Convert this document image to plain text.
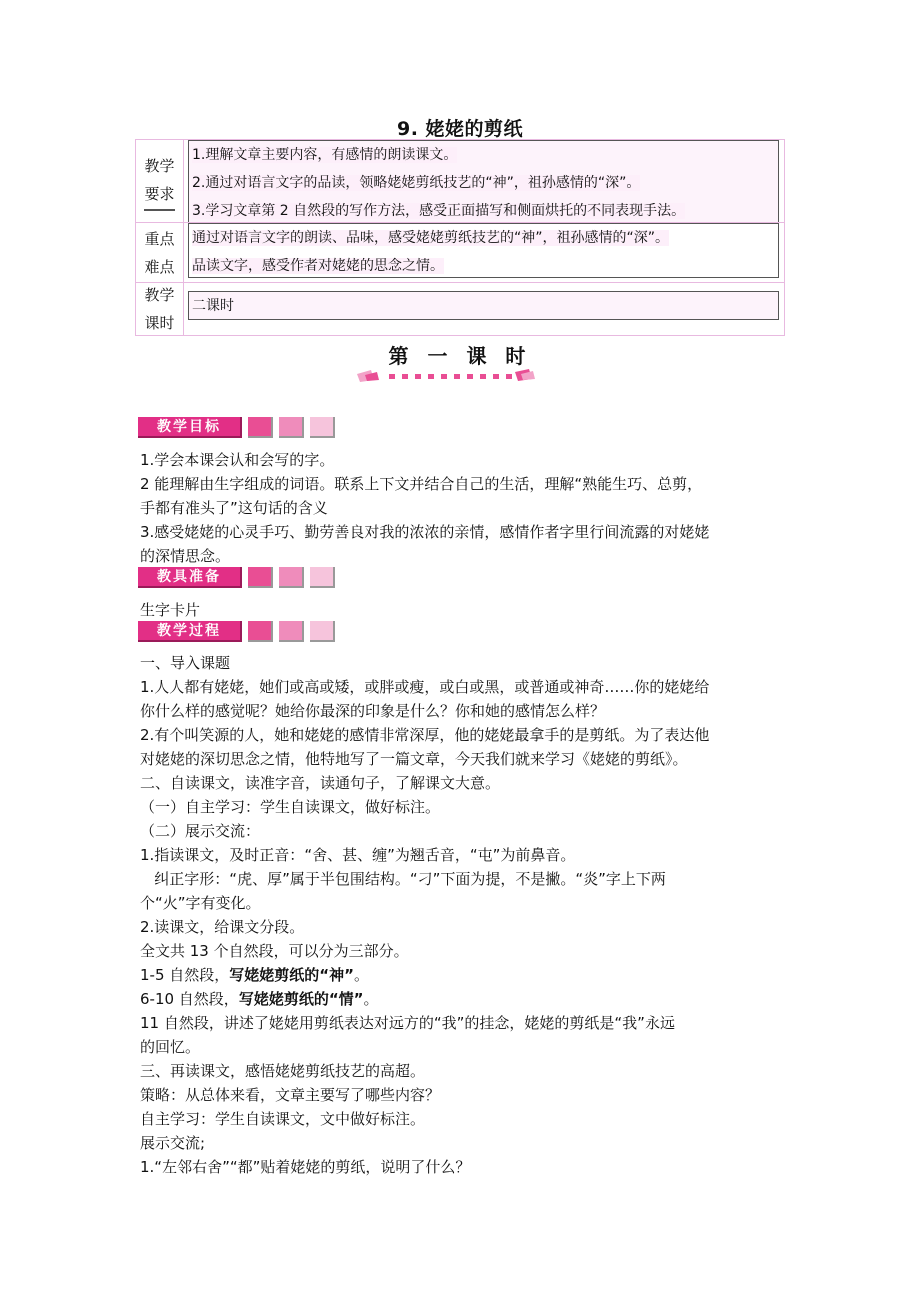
9. 姥姥的剪纸
教学
要求
1.理解文章主要内容，有感情的朗读课文。
2.通过对语言文字的品读，领略姥姥剪纸技艺的“神”，祖孙感情的“深”。
3.学习文章第 2 自然段的写作方法，感受正面描写和侧面烘托的不同表现手法。
重点
难点
通过对语言文字的朗读、品味，感受姥姥剪纸技艺的“神”，祖孙感情的“深”。
品读文字，感受作者对姥姥的思念之情。
教学
课时
二课时
第 一 课 时
教学目标

1.学会本课会认和会写的字。

2 能理解由生字组成的词语。联系上下文并结合自己的生活，理解“熟能生巧、总剪，

手都有准头了”这句话的含义

3.感受姥姥的心灵手巧、勤劳善良对我的浓浓的亲情，感情作者字里行间流露的对姥姥

的深情思念。

教具准备

生字卡片

教学过程

一、导入课题

1.人人都有姥姥，她们或高或矮，或胖或瘦，或白或黑，或普通或神奇……你的姥姥给

你什么样的感觉呢？她给你最深的印象是什么？你和她的感情怎么样？

2.有个叫笑源的人，她和姥姥的感情非常深厚，他的姥姥最拿手的是剪纸。为了表达他

对姥姥的深切思念之情，他特地写了一篇文章，今天我们就来学习《姥姥的剪纸》。

二、自读课文，读准字音，读通句子，了解课文大意。

（一）自主学习：学生自读课文，做好标注。

（二）展示交流：

1.指读课文，及时正音：“舍、甚、缠”为翘舌音，“屯”为前鼻音。

纠正字形：“虎、厚”属于半包围结构。“刁”下面为提，不是撇。“炎”字上下两

个“火”字有变化。

2.读课文，给课文分段。

全文共 13 个自然段，可以分为三部分。

1-5 自然段，写姥姥剪纸的“神”。

6-10 自然段，写姥姥剪纸的“情”。

11 自然段，讲述了姥姥用剪纸表达对远方的“我”的挂念，姥姥的剪纸是“我”永远

的回忆。

三、再读课文，感悟姥姥剪纸技艺的高超。

策略：从总体来看，文章主要写了哪些内容？

自主学习：学生自读课文，文中做好标注。

展示交流;

1.“左邻右舍”“都”贴着姥姥的剪纸，说明了什么？
